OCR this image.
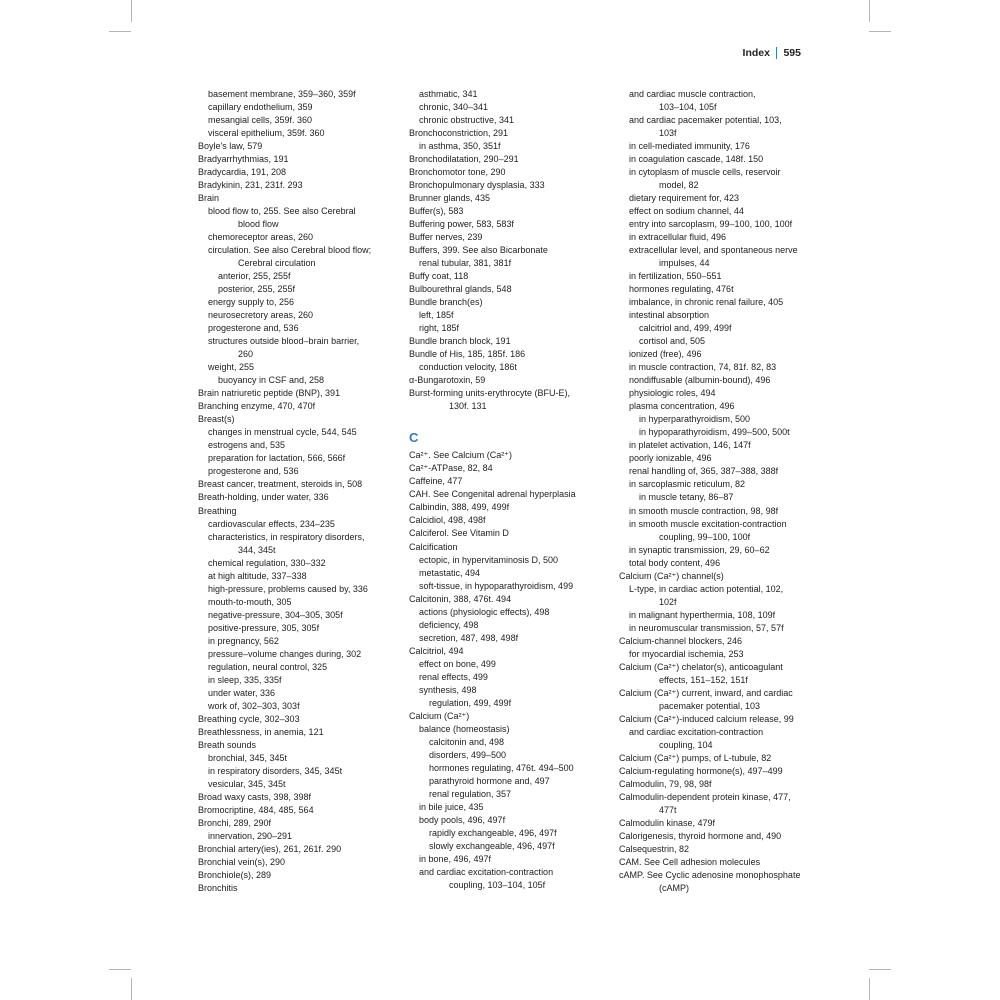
Index 595
basement membrane, 359–360, 359f
capillary endothelium, 359
mesangial cells, 359f. 360
visceral epithelium, 359f. 360
Boyle's law, 579
Bradyarrhythmias, 191
Bradycardia, 191, 208
Bradykinin, 231, 231f. 293
Brain
blood flow to, 255. See also Cerebral
blood flow
chemoreceptor areas, 260
circulation. See also Cerebral blood flow;
Cerebral circulation
anterior, 255, 255f
posterior, 255, 255f
energy supply to, 256
neurosecretory areas, 260
progesterone and, 536
structures outside blood–brain barrier,
260
weight, 255
buoyancy in CSF and, 258
Brain natriuretic peptide (BNP), 391
Branching enzyme, 470, 470f
Breast(s)
changes in menstrual cycle, 544, 545
estrogens and, 535
preparation for lactation, 566, 566f
progesterone and, 536
Breast cancer, treatment, steroids in, 508
Breath-holding, under water, 336
Breathing
cardiovascular effects, 234–235
characteristics, in respiratory disorders,
344, 345t
chemical regulation, 330–332
at high altitude, 337–338
high-pressure, problems caused by, 336
mouth-to-mouth, 305
negative-pressure, 304–305, 305f
positive-pressure, 305, 305f
in pregnancy, 562
pressure–volume changes during, 302
regulation, neural control, 325
in sleep, 335, 335f
under water, 336
work of, 302–303, 303f
Breathing cycle, 302–303
Breathlessness, in anemia, 121
Breath sounds
bronchial, 345, 345t
in respiratory disorders, 345, 345t
vesicular, 345, 345t
Broad waxy casts, 398, 398f
Bromocriptine, 484, 485, 564
Bronchi, 289, 290f
innervation, 290–291
Bronchial artery(ies), 261, 261f. 290
Bronchial vein(s), 290
Bronchiole(s), 289
Bronchitis
asthmatic, 341
chronic, 340–341
chronic obstructive, 341
Bronchoconstriction, 291
in asthma, 350, 351f
Bronchodilatation, 290–291
Bronchomotor tone, 290
Bronchopulmonary dysplasia, 333
Brunner glands, 435
Buffer(s), 583
Buffering power, 583, 583f
Buffer nerves, 239
Buffers, 399. See also Bicarbonate
renal tubular, 381, 381f
Buffy coat, 118
Bulbourethral glands, 548
Bundle branch(es)
left, 185f
right, 185f
Bundle branch block, 191
Bundle of His, 185, 185f. 186
conduction velocity, 186t
α-Bungarotoxin, 59
Burst-forming units-erythrocyte (BFU-E),
130f. 131
C
Ca²⁺. See Calcium (Ca²⁺)
Ca²⁺-ATPase, 82, 84
Caffeine, 477
CAH. See Congenital adrenal hyperplasia
Calbindin, 388, 499, 499f
Calcidiol, 498, 498f
Calciferol. See Vitamin D
Calcification
ectopic, in hypervitaminosis D, 500
metastatic, 494
soft-tissue, in hypoparathyroidism, 499
Calcitonin, 388, 476t. 494
actions (physiologic effects), 498
deficiency, 498
secretion, 487, 498, 498f
Calcitriol, 494
effect on bone, 499
renal effects, 499
synthesis, 498
regulation, 499, 499f
Calcium (Ca²⁺)
balance (homeostasis)
calcitonin and, 498
disorders, 499–500
hormones regulating, 476t. 494–500
parathyroid hormone and, 497
renal regulation, 357
in bile juice, 435
body pools, 496, 497f
rapidly exchangeable, 496, 497f
slowly exchangeable, 496, 497f
in bone, 496, 497f
and cardiac excitation-contraction
coupling, 103–104, 105f
and cardiac muscle contraction,
103–104, 105f
and cardiac pacemaker potential, 103,
103f
in cell-mediated immunity, 176
in coagulation cascade, 148f. 150
in cytoplasm of muscle cells, reservoir
model, 82
dietary requirement for, 423
effect on sodium channel, 44
entry into sarcoplasm, 99–100, 100, 100f
in extracellular fluid, 496
extracellular level, and spontaneous nerve
impulses, 44
in fertilization, 550–551
hormones regulating, 476t
imbalance, in chronic renal failure, 405
intestinal absorption
calcitriol and, 499, 499f
cortisol and, 505
ionized (free), 496
in muscle contraction, 74, 81f. 82, 83
nondiffusable (albumin-bound), 496
physiologic roles, 494
plasma concentration, 496
in hyperparathyroidism, 500
in hypoparathyroidism, 499–500, 500t
in platelet activation, 146, 147f
poorly ionizable, 496
renal handling of, 365, 387–388, 388f
in sarcoplasmic reticulum, 82
in muscle tetany, 86–87
in smooth muscle contraction, 98, 98f
in smooth muscle excitation-contraction
coupling, 99–100, 100f
in synaptic transmission, 29, 60–62
total body content, 496
Calcium (Ca²⁺) channel(s)
L-type, in cardiac action potential, 102,
102f
in malignant hyperthermia, 108, 109f
in neuromuscular transmission, 57, 57f
Calcium-channel blockers, 246
for myocardial ischemia, 253
Calcium (Ca²⁺) chelator(s), anticoagulant
effects, 151–152, 151f
Calcium (Ca²⁺) current, inward, and cardiac
pacemaker potential, 103
Calcium (Ca²⁺)-induced calcium release, 99
and cardiac excitation-contraction
coupling, 104
Calcium (Ca²⁺) pumps, of L-tubule, 82
Calcium-regulating hormone(s), 497–499
Calmodulin, 79, 98, 98f
Calmodulin-dependent protein kinase, 477,
477t
Calmodulin kinase, 479f
Calorigenesis, thyroid hormone and, 490
Calsequestrin, 82
CAM. See Cell adhesion molecules
cAMP. See Cyclic adenosine monophosphate
(cAMP)
